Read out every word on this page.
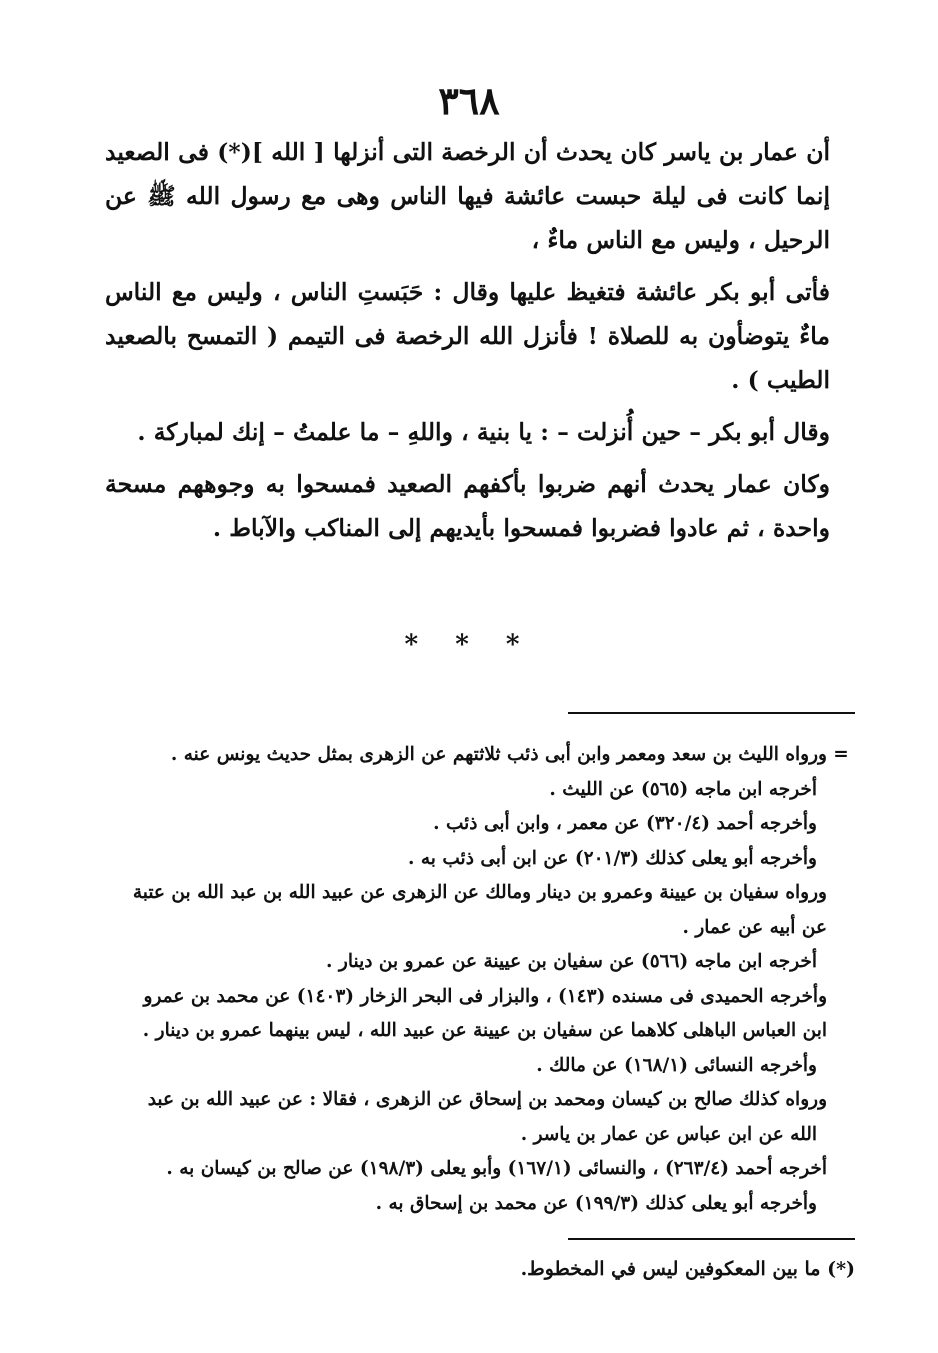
٣٦٨

أن عمار بن ياسر كان يحدث أن الرخصة التى أنزلها [ الله ](*) فى الصعيد إنما كانت فى ليلة حبست عائشة فيها الناس وهى مع رسول الله ﷺ عن الرحيل ، وليس مع الناس ماءٌ ،

فأتى أبو بكر عائشة فتغيظ عليها وقال : حَبَستِ الناس ، وليس مع الناس ماءٌ يتوضأون به للصلاة ! فأنزل الله الرخصة فى التيمم ( التمسح بالصعيد الطيب ) .

وقال أبو بكر – حين أُنزلت – : يا بنية ، واللهِ – ما علمتُ – إنك لمباركة .

وكان عمار يحدث أنهم ضربوا بأكفهم الصعيد فمسحوا به وجوههم مسحة واحدة ، ثم عادوا فضربوا فمسحوا بأيديهم إلى المناكب والآباط .

* * *
=ورواه الليث بن سعد ومعمر وابن أبى ذئب ثلاثتهم عن الزهرى بمثل حديث يونس عنه .
أخرجه ابن ماجه (٥٦٥) عن الليث .
وأخرجه أحمد (٣٢٠/٤) عن معمر ، وابن أبى ذئب .
وأخرجه أبو يعلى كذلك (٢٠١/٣) عن ابن أبى ذئب به .
ورواه سفيان بن عيينة وعمرو بن دينار ومالك عن الزهرى عن عبيد الله بن عبد الله بن عتبة
عن أبيه عن عمار .
أخرجه ابن ماجه (٥٦٦) عن سفيان بن عيينة عن عمرو بن دينار .
وأخرجه الحميدى فى مسنده (١٤٣) ، والبزار فى البحر الزخار (١٤٠٣) عن محمد بن عمرو
ابن العباس الباهلى كلاهما عن سفيان بن عيينة عن عبيد الله ، ليس بينهما عمرو بن دينار .
وأخرجه النسائى (١٦٨/١) عن مالك .
ورواه كذلك صالح بن كيسان ومحمد بن إسحاق عن الزهرى ، فقالا : عن عبيد الله بن عبد
الله عن ابن عباس عن عمار بن ياسر .
أخرجه أحمد (٢٦٣/٤) ، والنسائى (١٦٧/١) وأبو يعلى (١٩٨/٣) عن صالح بن كيسان به .
وأخرجه أبو يعلى كذلك (١٩٩/٣) عن محمد بن إسحاق به .
(*) ما بين المعكوفين ليس في المخطوط.
